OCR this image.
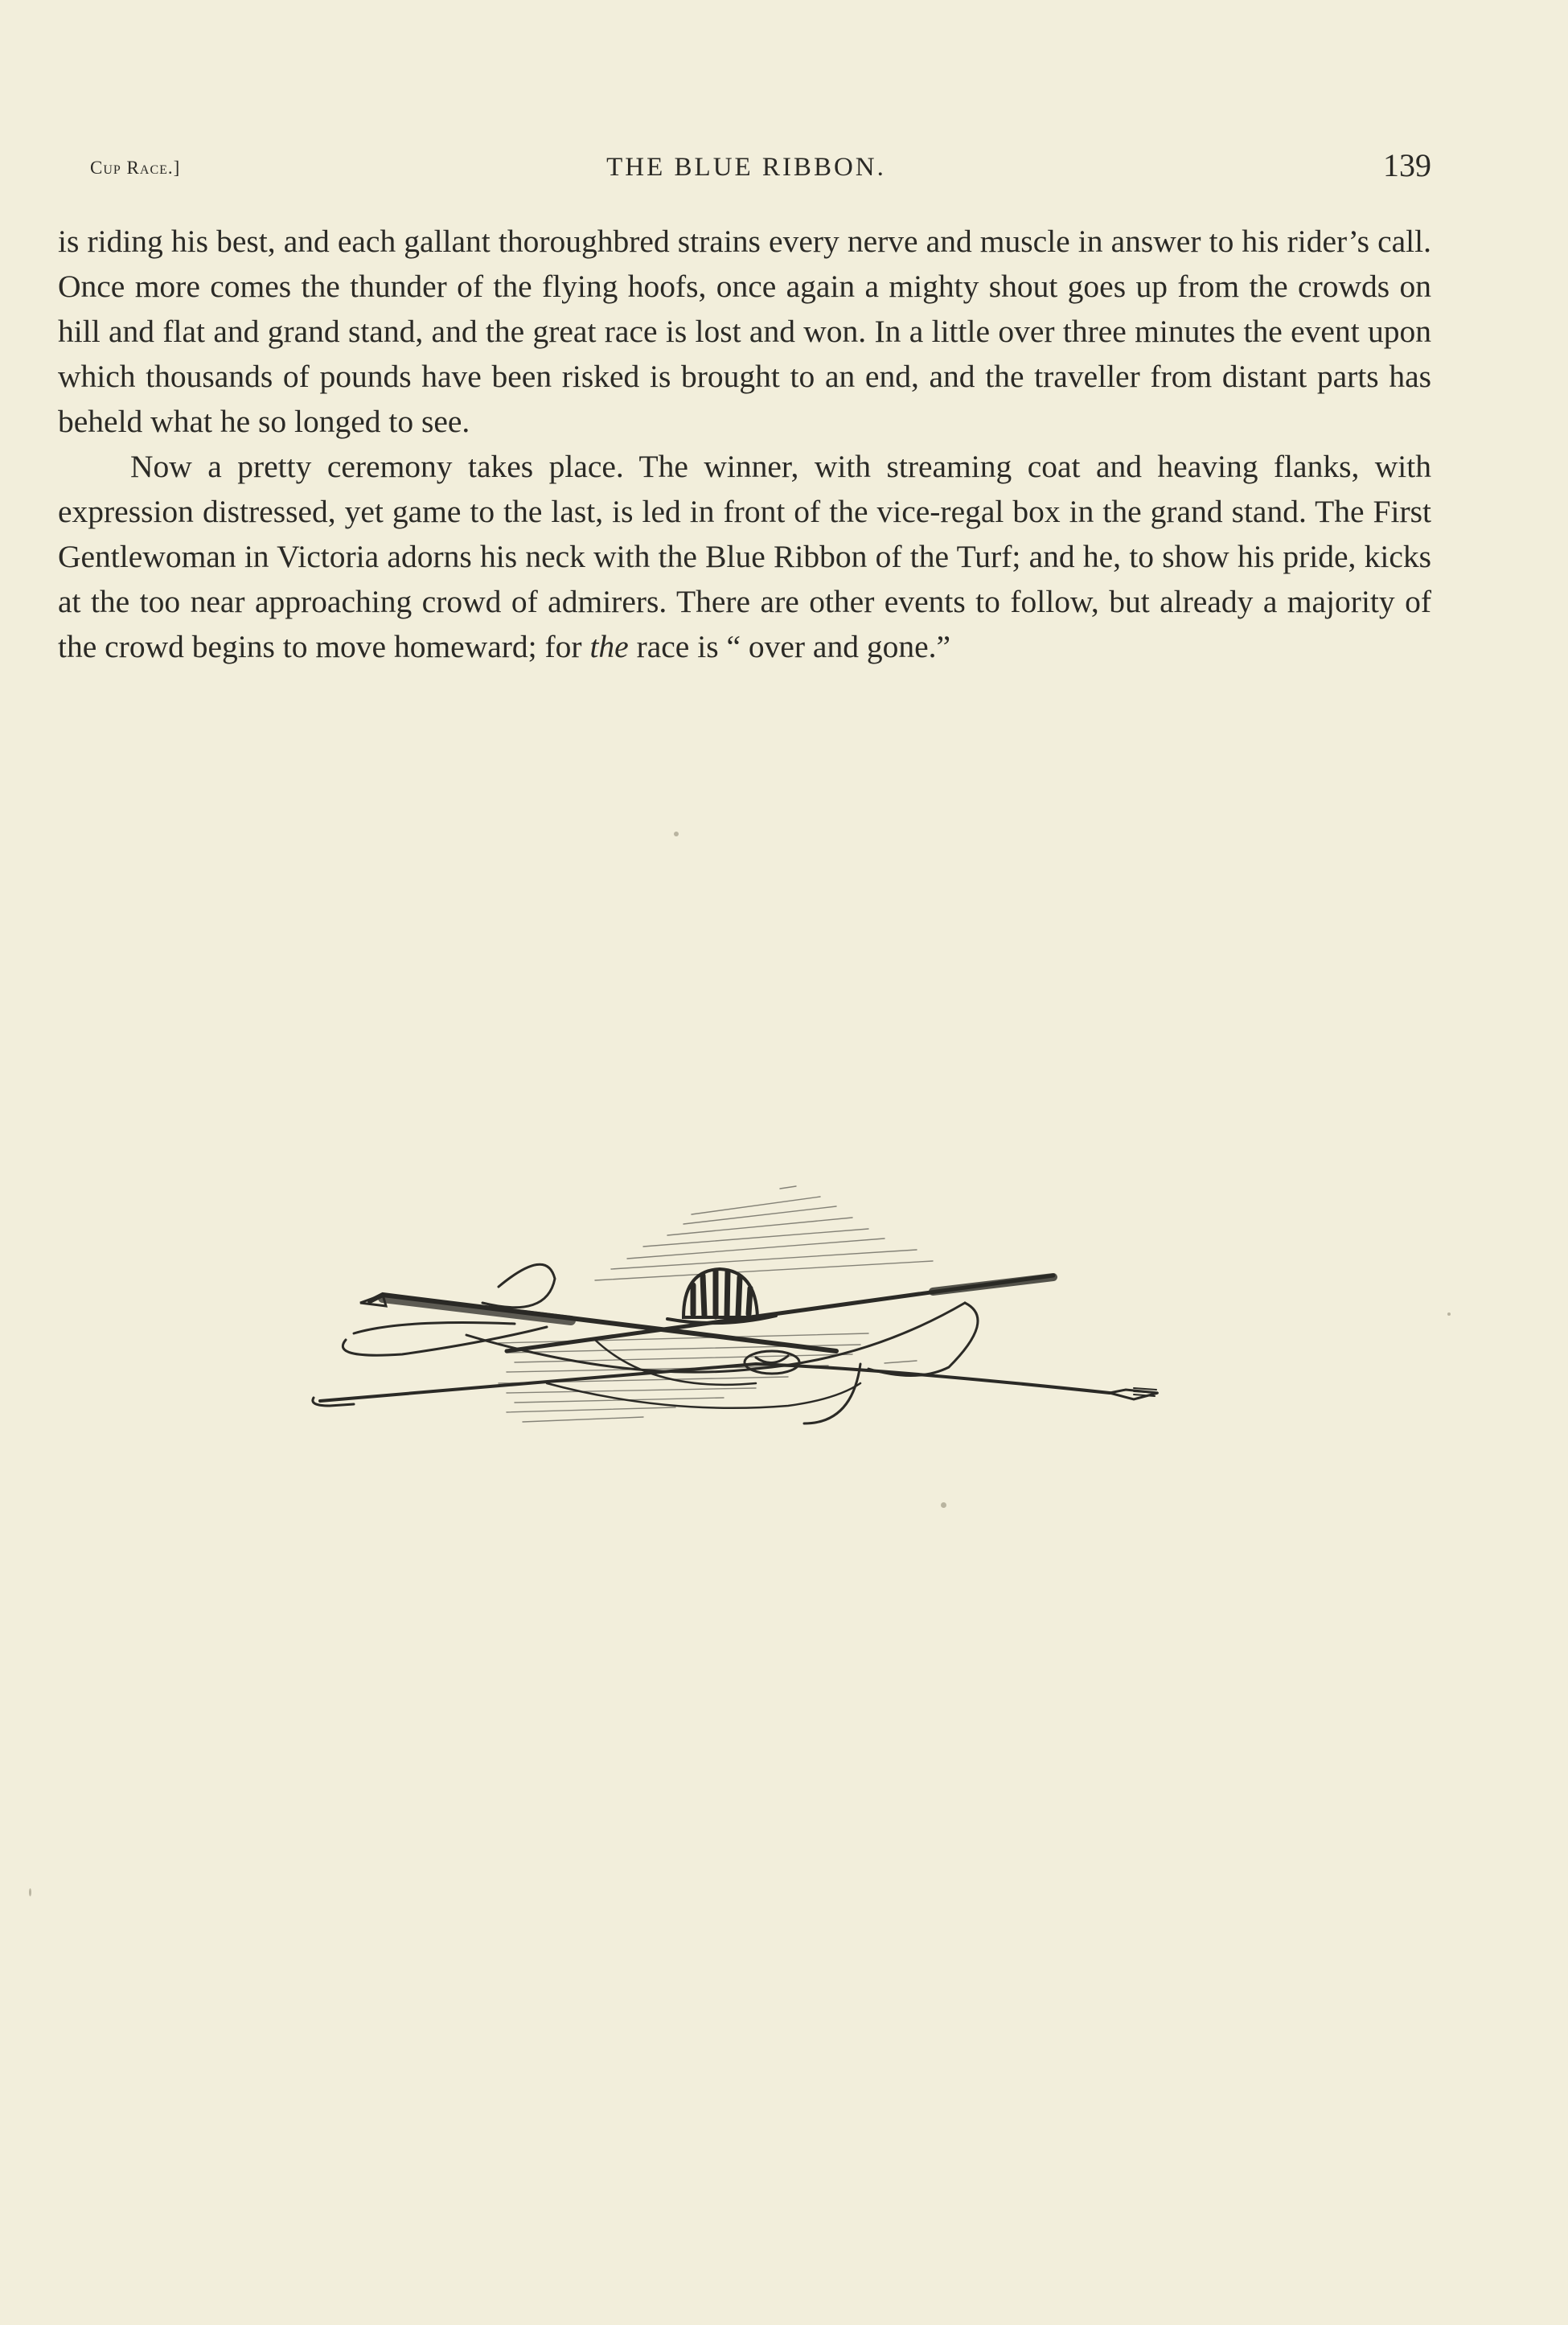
Cup Race.]	THE BLUE RIBBON.	139

is riding his best, and each gallant thoroughbred strains every nerve and muscle in answer to his rider’s call. Once more comes the thunder of the flying hoofs, once again a mighty shout goes up from the crowds on hill and flat and grand stand, and the great race is lost and won. In a little over three minutes the event upon which thousands of pounds have been risked is brought to an end, and the traveller from distant parts has beheld what he so longed to see.

Now a pretty ceremony takes place. The winner, with streaming coat and heaving flanks, with expression distressed, yet game to the last, is led in front of the vice-regal box in the grand stand. The First Gentlewoman in Victoria adorns his neck with the Blue Ribbon of the Turf; and he, to show his pride, kicks at the too near approaching crowd of admirers. There are other events to follow, but already a majority of the crowd begins to move homeward; for the race is “ over and gone.”
